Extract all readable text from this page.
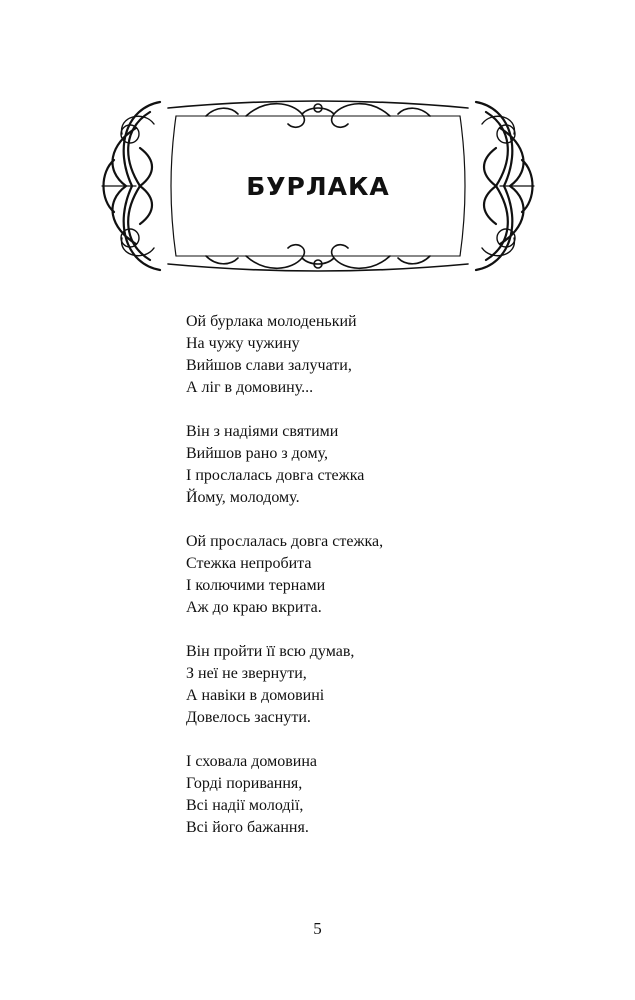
БУРЛАКА
Ой бурлака молоденький
На чужу чужину
Вийшов слави залучати,
А ліг в домовину...
Він з надіями святими
Вийшов рано з дому,
І прослалась довга стежка
Йому, молодому.
Ой прослалась довга стежка,
Стежка непробита
І колючими тернами
Аж до краю вкрита.
Він пройти її всю думав,
З неї не звернути,
А навіки в домовині
Довелось заснути.
І сховала домовина
Горді поривання,
Всі надії молодії,
Всі його бажання.
5
